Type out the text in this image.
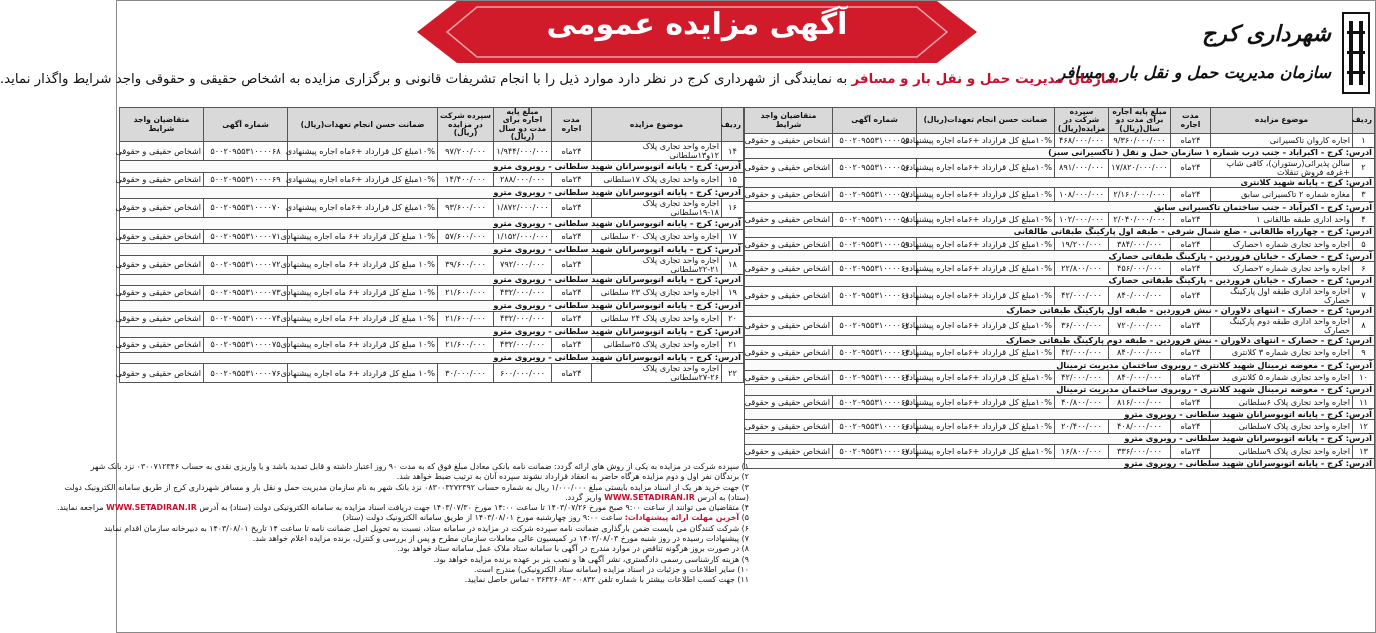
شهرداری کرج
سازمان مدیریت حمل و نقل بار و مسافر
آگهی مزایده عمومی
سازمان مدیریت حمل و نقل بار و مسافر به نمایندگی از شهرداری کرج در نظر دارد موارد ذیل را با انجام تشریفات قانونی و برگزاری مزایده به اشخاص حقیقی و حقوقی واجد شرایط واگذار نماید.
ردیف	موضوع مزایده	مدت اجاره	مبلغ پایه اجاره برای مدت دو سال(ریال)	سپرده شرکت در مزایده(ریال)	ضمانت حسن انجام تعهدات(ریال)	شماره آگهی	متقاضیان واجد شرایط
۱	اجاره کاروان تاکسیرانی	۲۴ماه	۹/۳۶۰/۰۰۰/۰۰۰	۴۶۸/۰۰۰/۰۰۰	۱۰%مبلغ کل قرارداد +۶ماه اجاره پیشنهادی	۵۰۰۲۰۹۵۵۳۱۰۰۰۰۵۵	اشخاص حقیقی و حقوقی
آدرس: کرج - اکبرآباد - جنب درب شماره ۱ سازمان حمل و نقل ( تاکسیرانی سبز)							
۲	سالن پذیرائی(رستوران)، کافی شاپ +غرفه فروش تنقلات	۲۴ماه	۱۷/۸۲۰/۰۰۰/۰۰۰	۸۹۱/۰۰۰/۰۰۰	۱۰%مبلغ کل قرارداد +۶ماه اجاره پیشنهادی	۵۰۰۲۰۹۵۵۳۱۰۰۰۰۵۶	اشخاص حقیقی و حقوقی
آدرس: کرج - پایانه شهید کلانتری							
۳	مغازه شماره ۲ تاکسیرانی سابق	۲۴ماه	۲/۱۶۰/۰۰۰/۰۰۰	۱۰۸/۰۰۰/۰۰۰	۱۰%مبلغ کل قرارداد +۶ماه اجاره پیشنهادی	۵۰۰۲۰۹۵۵۳۱۰۰۰۰۵۷	اشخاص حقیقی و حقوقی
آدرس: کرج - اکبرآباد - جنب ساختمان تاکسیرانی سابق							
۴	واحد اداری طبقه طالقانی ۱	۲۴ماه	۲/۰۴۰/۰۰۰/۰۰۰	۱۰۲/۰۰۰/۰۰۰	۱۰%مبلغ کل قرارداد +۶ماه اجاره پیشنهادی	۵۰۰۲۰۹۵۵۳۱۰۰۰۰۵۸	اشخاص حقیقی و حقوقی
آدرس: کرج - چهارراه طالقانی - ضلع شمال شرقی - طبقه اول پارکینگ طبقاتی طالقانی							
۵	اجاره واحد تجاری شماره ۱حصارک	۲۴ماه	۳۸۴/۰۰۰/۰۰۰	۱۹/۲۰۰/۰۰۰	۱۰%مبلغ کل قرارداد +۶ماه اجاره پیشنهادی	۵۰۰۲۰۹۵۵۳۱۰۰۰۰۵۹	اشخاص حقیقی و حقوقی
آدرس: کرج - حصارک - خیابان فروردین - پارکینگ طبقاتی حصارک							
۶	اجاره واحد تجاری شماره ۲حصارک	۲۴ماه	۴۵۶/۰۰۰/۰۰۰	۲۲/۸۰۰/۰۰۰	۱۰%مبلغ کل قرارداد +۶ماه اجاره پیشنهادی	۵۰۰۲۰۹۵۵۳۱۰۰۰۰۶۰	اشخاص حقیقی و حقوقی
آدرس: کرج - حصارک - خیابان فروردین - پارکینگ طبقاتی حصارک							
۷	اجاره واحد اداری طبقه اول پارکینگ حصارک	۲۴ماه	۸۴۰/۰۰۰/۰۰۰	۴۲/۰۰۰/۰۰۰	۱۰%مبلغ کل قرارداد +۶ماه اجاره پیشنهادی	۵۰۰۲۰۹۵۵۳۱۰۰۰۰۶۱	اشخاص حقیقی و حقوقی
آدرس: کرج - حصارک - انتهای دلاوران - نبش فروردین - طبقه اول پارکینگ طبقاتی حصارک							
۸	اجاره واحد اداری طبقه دوم پارکینگ حصارک	۲۴ماه	۷۲۰/۰۰۰/۰۰۰	۳۶/۰۰۰/۰۰۰	۱۰%مبلغ کل قرارداد +۶ماه اجاره پیشنهادی	۵۰۰۲۰۹۵۵۳۱۰۰۰۰۶۲	اشخاص حقیقی و حقوقی
آدرس: کرج - حصارک - انتهای دلاوران - نبش فروردین - طبقه دوم پارکینگ طبقاتی حصارک							
۹	اجاره واحد تجاری شماره ۳ کلانتری	۲۴ماه	۸۴۰/۰۰۰/۰۰۰	۴۲/۰۰۰/۰۰۰	۱۰%مبلغ کل قرارداد +۶ماه اجاره پیشنهادی	۵۰۰۲۰۹۵۵۳۱۰۰۰۰۶۳	اشخاص حقیقی و حقوقی
آدرس: کرج - معوضه ترمینال شهید کلانتری - روبروی ساختمان مدیریت ترمینال							
۱۰	اجاره واحد تجاری شماره ۵ کلانتری	۲۴ماه	۸۴۰/۰۰۰/۰۰۰	۴۲/۰۰۰/۰۰۰	۱۰%مبلغ کل قرارداد +۶ماه اجاره پیشنهادی	۵۰۰۲۰۹۵۵۳۱۰۰۰۰۶۴	اشخاص حقیقی و حقوقی
آدرس: کرج - معوضه ترمینال شهید کلانتری - روبروی ساختمان مدیریت ترمینال							
۱۱	اجاره واحد تجاری پلاک ۶سلطانی	۲۴ماه	۸۱۶/۰۰۰/۰۰۰	۴۰/۸۰۰/۰۰۰	۱۰%مبلغ کل قرارداد +۶ماه اجاره پیشنهادی	۵۰۰۲۰۹۵۵۳۱۰۰۰۰۶۵	اشخاص حقیقی و حقوقی
آدرس: کرج - پایانه اتوبوسرانان شهید سلطانی - روبروی مترو							
۱۲	اجاره واحد تجاری پلاک ۷سلطانی	۲۴ماه	۴۰۸/۰۰۰/۰۰۰	۲۰/۴۰۰/۰۰۰	۱۰%مبلغ کل قرارداد +۶ماه اجاره پیشنهادی	۵۰۰۲۰۹۵۵۳۱۰۰۰۰۶۶	اشخاص حقیقی و حقوقی
آدرس: کرج - پایانه اتوبوسرانان شهید سلطانی - روبروی مترو							
۱۳	اجاره واحد تجاری پلاک ۹سلطانی	۲۴ماه	۳۳۶/۰۰۰/۰۰۰	۱۶/۸۰۰/۰۰۰	۱۰%مبلغ کل قرارداد +۶ماه اجاره پیشنهادی	۵۰۰۲۰۹۵۵۳۱۰۰۰۰۶۷	اشخاص حقیقی و حقوقی
آدرس: کرج - پایانه اتوبوسرانان شهید سلطانی - روبروی مترو							
ردیف	موضوع مزایده	مدت اجاره	مبلغ پایه اجاره برای مدت دو سال (ریال)	سپرده شرکت در مزایده (ریال)	ضمانت حسن انجام تعهدات(ریال)	شماره آگهی	متقاضیان واجد شرایط
۱۴	اجاره واحد تجاری پلاک ۱۲و۱۳سلطانی	۲۴ماه	۱/۹۴۴/۰۰۰/۰۰۰	۹۷/۲۰۰/۰۰۰	۱۰%مبلغ کل قرارداد +۶ماه اجاره پیشنهادی	۵۰۰۲۰۹۵۵۳۱۰۰۰۰۶۸	اشخاص حقیقی و حقوقی
آدرس: کرج - پایانه اتوبوسرانان شهید سلطانی - روبروی مترو							
۱۵	اجاره واحد تجاری پلاک ۱۷سلطانی	۲۴ماه	۲۸۸/۰۰۰/۰۰۰	۱۴/۴۰۰/۰۰۰	۱۰%مبلغ کل قرارداد +۶ماه اجاره پیشنهادی	۵۰۰۲۰۹۵۵۳۱۰۰۰۰۶۹	اشخاص حقیقی و حقوقی
آدرس: کرج - پایانه اتوبوسرانان شهید سلطانی - روبروی مترو							
۱۶	اجاره واحد تجاری پلاک ۱۸-۱۹سلطانی	۲۴ماه	۱/۸۷۲/۰۰۰/۰۰۰	۹۳/۶۰۰/۰۰۰	۱۰%مبلغ کل قرارداد +۶ماه اجاره پیشنهادی	۵۰۰۲۰۹۵۵۳۱۰۰۰۰۷۰	اشخاص حقیقی و حقوقی
آدرس: کرج - پایانه اتوبوسرانان شهید سلطانی - روبروی مترو							
۱۷	اجاره واحد تجاری پلاک ۲۰ سلطانی	۲۴ماه	۱/۱۵۲/۰۰۰/۰۰۰	۵۷/۶۰۰/۰۰۰	۱۰% مبلغ کل قرارداد +۶ ماه اجاره پیشنهادی	۵۰۰۲۰۹۵۵۳۱۰۰۰۰۷۱	اشخاص حقیقی و حقوقی
آدرس: کرج - پایانه اتوبوسرانان شهید سلطانی - روبروی مترو							
۱۸	اجاره واحد تجاری پلاک ۲۱-۲۲سلطانی	۲۴ماه	۷۹۲/۰۰۰/۰۰۰	۳۹/۶۰۰/۰۰۰	۱۰% مبلغ کل قرارداد +۶ ماه اجاره پیشنهادی	۵۰۰۲۰۹۵۵۳۱۰۰۰۰۷۲	اشخاص حقیقی و حقوقی
آدرس: کرج - پایانه اتوبوسرانان شهید سلطانی - روبروی مترو							
۱۹	اجاره واحد تجاری پلاک ۲۳ سلطانی	۲۴ماه	۴۳۲/۰۰۰/۰۰۰	۲۱/۶۰۰/۰۰۰	۱۰% مبلغ کل قرارداد +۶ ماه اجاره پیشنهادی	۵۰۰۲۰۹۵۵۳۱۰۰۰۰۷۳	اشخاص حقیقی و حقوقی
آدرس: کرج - پایانه اتوبوسرانان شهید سلطانی - روبروی مترو							
۲۰	اجاره واحد تجاری پلاک ۲۴ سلطانی	۲۴ماه	۴۳۲/۰۰۰/۰۰۰	۲۱/۶۰۰/۰۰۰	۱۰% مبلغ کل قرارداد +۶ ماه اجاره پیشنهادی	۵۰۰۲۰۹۵۵۳۱۰۰۰۰۷۴	اشخاص حقیقی و حقوقی
آدرس: کرج - پایانه اتوبوسرانان شهید سلطانی - روبروی مترو							
۲۱	اجاره واحد تجاری پلاک ۲۵سلطانی	۲۴ماه	۴۳۲/۰۰۰/۰۰۰	۲۱/۶۰۰/۰۰۰	۱۰% مبلغ کل قرارداد +۶ ماه اجاره پیشنهادی	۵۰۰۲۰۹۵۵۳۱۰۰۰۰۷۵	اشخاص حقیقی و حقوقی
آدرس: کرج - پایانه اتوبوسرانان شهید سلطانی - روبروی مترو							
۲۲	اجاره واحد تجاری پلاک ۲۶-۲۷سلطانی	۲۴ماه	۶۰۰/۰۰۰/۰۰۰	۳۰/۰۰۰/۰۰۰	۱۰% مبلغ کل قرارداد +۶ ماه اجاره پیشنهادی	۵۰۰۲۰۹۵۵۳۱۰۰۰۰۷۶	اشخاص حقیقی و حقوقی
۱) سپرده شرکت در مزایده به یکی از روش های ارائه گردد: ضمانت نامه بانکی معادل مبلغ فوق که به مدت ۹۰ روز اعتبار داشته و قابل تمدید باشد و یا واریزی نقدی به حساب ۰۳۰۰۷۱۲۳۴۶ نزد بانک شهر
۲) برندگان نفر اول و دوم مزایده هرگاه حاضر به انعقاد قرارداد نشوند سپرده آنان به ترتیب ضبط خواهد شد.
۳) جهت خرید هر یک از اسناد مزایده بایستی مبلغ ۱/۰۰۰/۰۰۰ ریال به شماره حساب ۰۸۳۰۰۳۲۷۲۳۹۲ نزد بانک شهر به نام سازمان مدیریت حمل و نقل بار و مسافر شهرداری کرج از طریق سامانه الکترونیک دولت
(ستاد) به آدرس WWW.SETADIRAN.IR واریز گردد.
۴) متقاضیان می توانند از ساعت ۹:۰۰ صبح مورخ ۱۴۰۳/۰۷/۲۶ تا ساعت ۱۴:۰۰ مورخ ۱۴۰۳/۰۷/۳۰ جهت دریافت اسناد مزایده به سامانه الکترونیکی دولت (ستاد) به آدرس WWW.SETADIRAN.IR مراجعه نمایند.
۵) آخرین مهلت ارائه پیشنهادات: ساعت ۹:۰۰ روز چهارشنبه مورخ ۱۴۰۳/۰۸/۰۱ از طریق سامانه الکترونیک دولت (ستاد)
۶) شرکت کنندگان می بایست ضمن بارگذاری ضمانت نامه سپرده شرکت در مزایده در سامانه ستاد، نسبت به تحویل اصل ضمانت نامه تا ساعت ۱۴ تاریخ ۱۴۰۳/۰۸/۰۱ به دبیرخانه سازمان اقدام نمایند
۷) پیشنهادات رسیده در روز شنبه مورخ ۱۴۰۳/۰۸/۰۳ در کمیسیون عالی معاملات سازمان مطرح و پس از بررسی و کنترل، برنده مزایده اعلام خواهد شد.
۸) در صورت بروز هرگونه تناقض در موارد مندرج در آگهی با سامانه ستاد ملاک عمل سامانه ستاد خواهد بود.
۹) هزینه کارشناسی رسمی دادگستری، نشر آگهی ها و نصب بنر بر عهده برنده مزایده خواهد بود.
۱۰) سایر اطلاعات و جزئیات در اسناد مزایده (سامانه ستاد الکترونیکی) مندرج است.
۱۱) جهت کسب اطلاعات بیشتر با شماره تلفن ۰۸۳۲ - ۳۶۳۲۶۰۸۳ - تماس حاصل نمایید.
